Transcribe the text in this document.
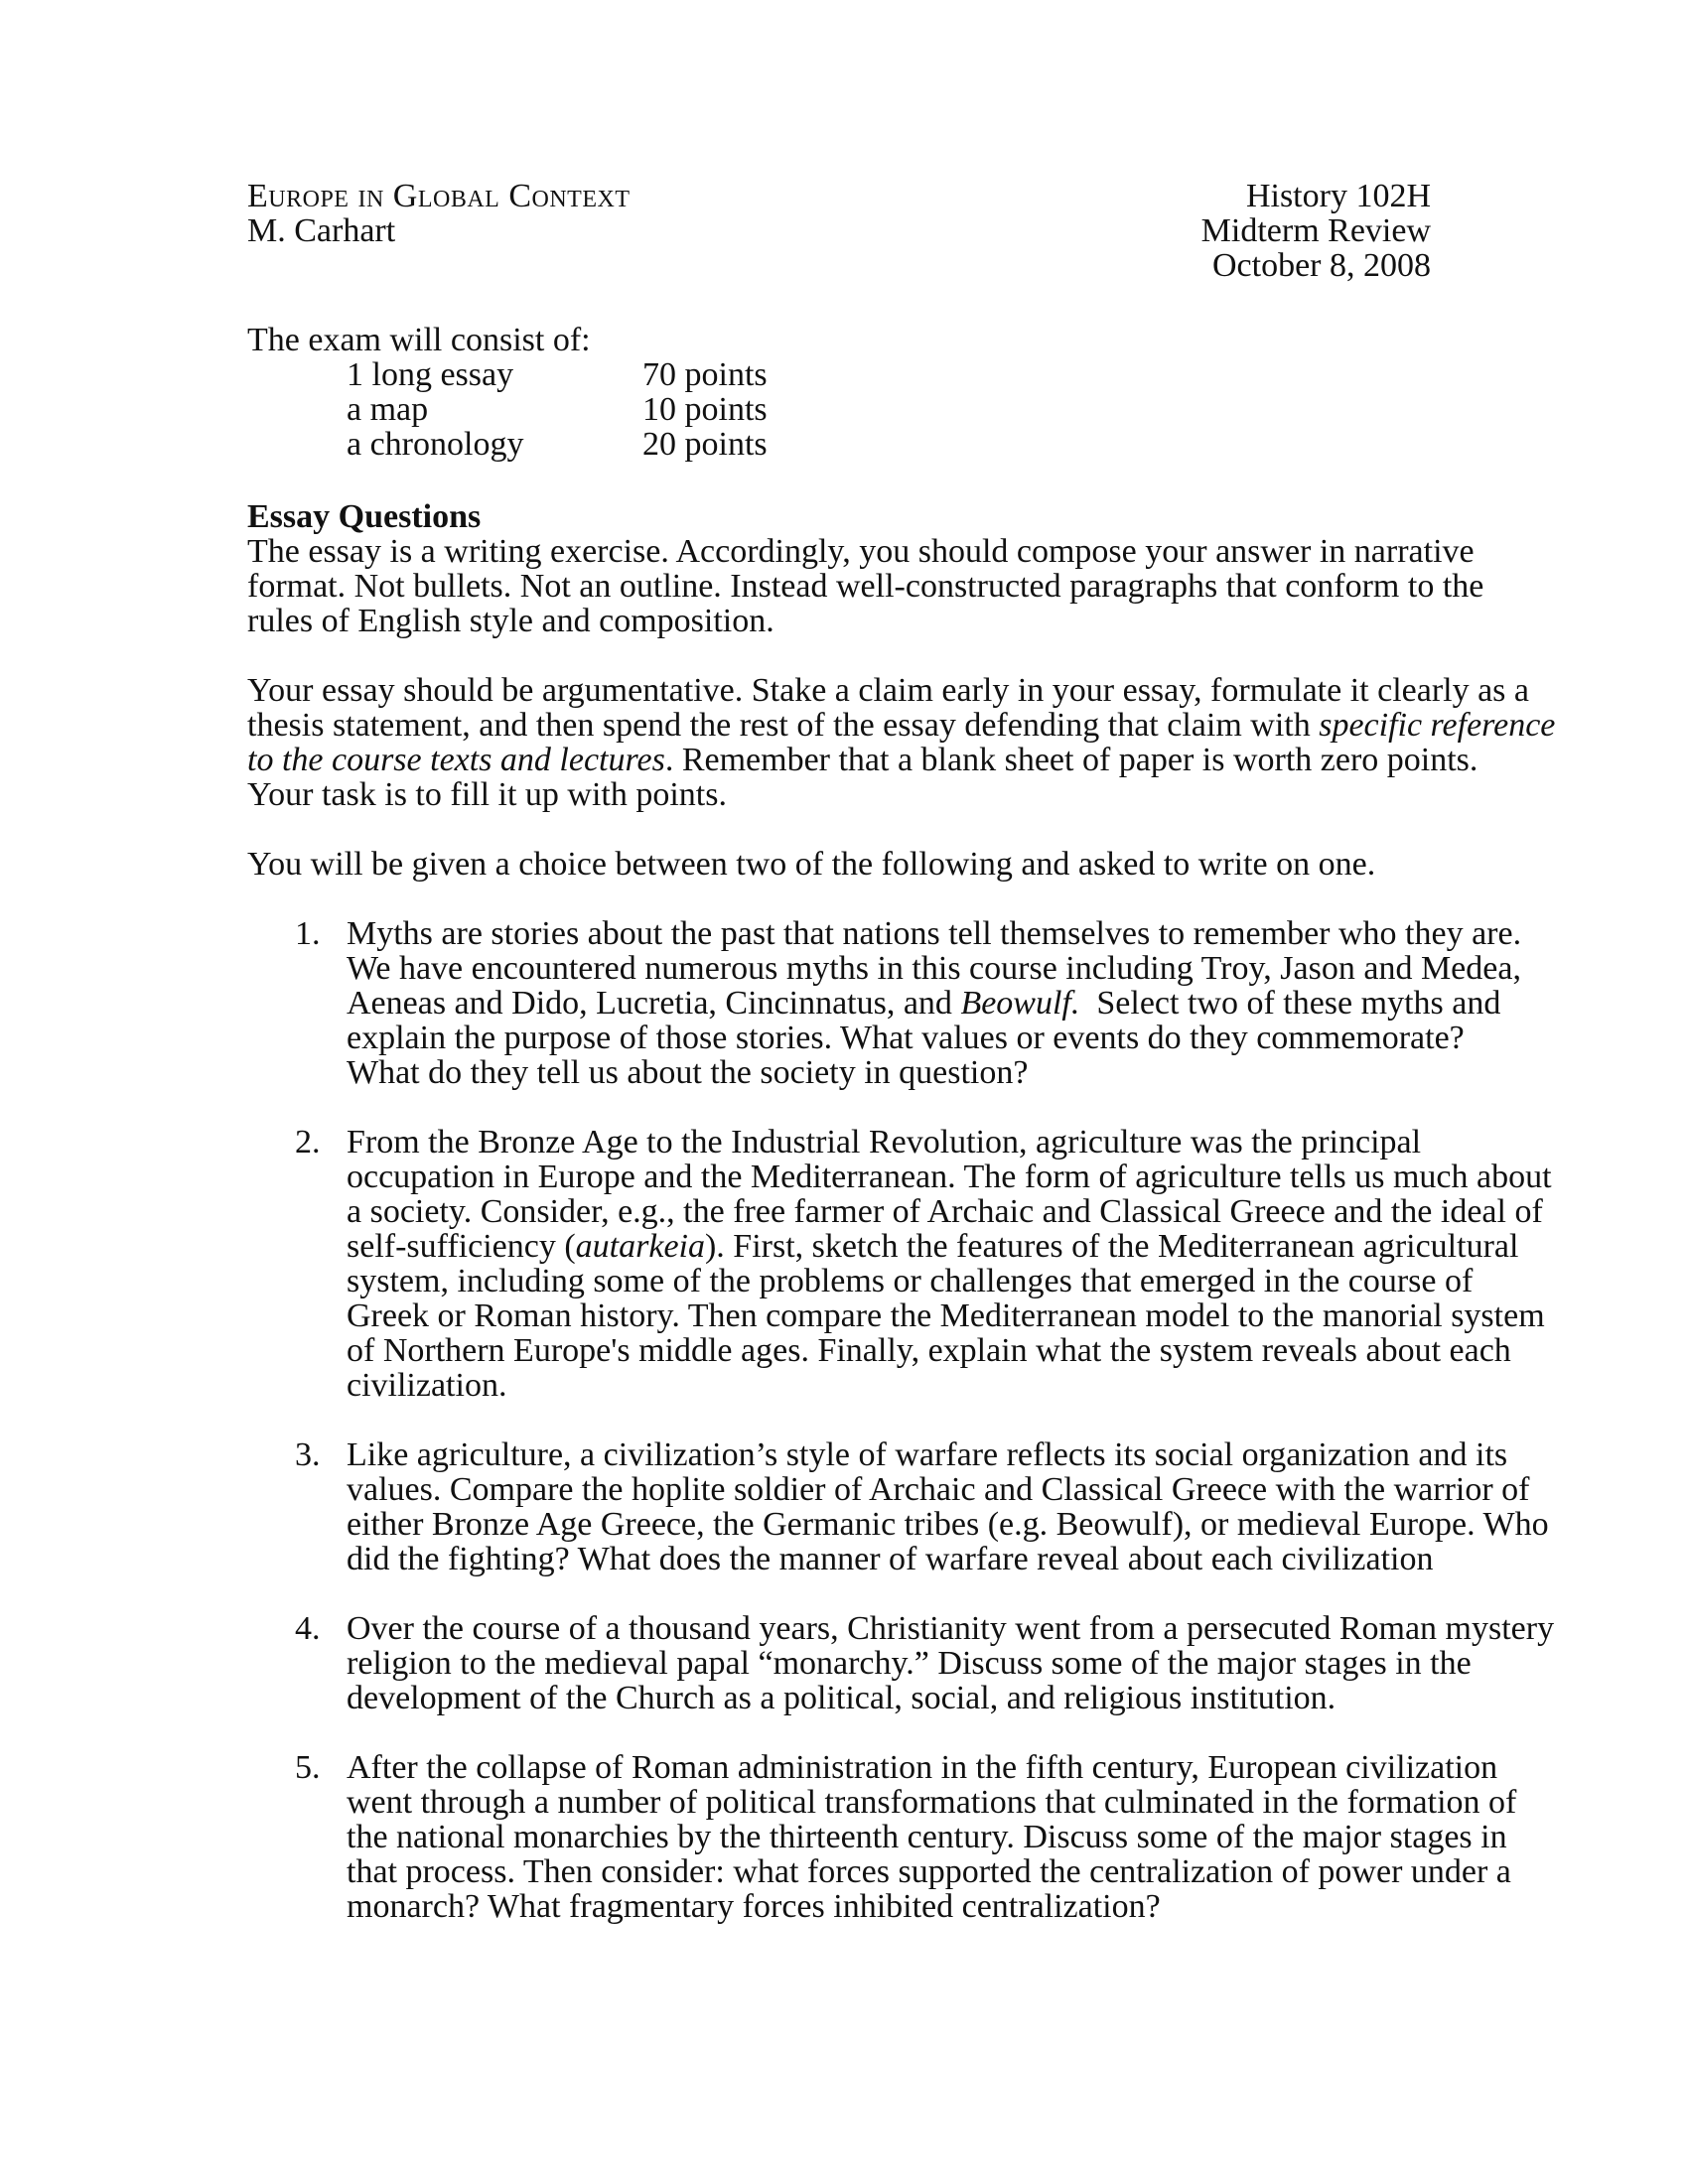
Europe in Global Context
M. Carhart
History 102H
Midterm Review
October 8, 2008
The exam will consist of:
1 long essay	70 points
a map	10 points
a chronology	20 points
Essay Questions
The essay is a writing exercise. Accordingly, you should compose your answer in narrative
format. Not bullets. Not an outline. Instead well-constructed paragraphs that conform to the
rules of English style and composition.
Your essay should be argumentative. Stake a claim early in your essay, formulate it clearly as a
thesis statement, and then spend the rest of the essay defending that claim with specific reference
to the course texts and lectures. Remember that a blank sheet of paper is worth zero points.
Your task is to fill it up with points.
You will be given a choice between two of the following and asked to write on one.
1. Myths are stories about the past that nations tell themselves to remember who they are.
We have encountered numerous myths in this course including Troy, Jason and Medea,
Aeneas and Dido, Lucretia, Cincinnatus, and Beowulf.  Select two of these myths and
explain the purpose of those stories. What values or events do they commemorate?
What do they tell us about the society in question?
2. From the Bronze Age to the Industrial Revolution, agriculture was the principal
occupation in Europe and the Mediterranean. The form of agriculture tells us much about
a society. Consider, e.g., the free farmer of Archaic and Classical Greece and the ideal of
self-sufficiency (autarkeia). First, sketch the features of the Mediterranean agricultural
system, including some of the problems or challenges that emerged in the course of
Greek or Roman history. Then compare the Mediterranean model to the manorial system
of Northern Europe's middle ages. Finally, explain what the system reveals about each
civilization.
3. Like agriculture, a civilization’s style of warfare reflects its social organization and its
values. Compare the hoplite soldier of Archaic and Classical Greece with the warrior of
either Bronze Age Greece, the Germanic tribes (e.g. Beowulf), or medieval Europe. Who
did the fighting? What does the manner of warfare reveal about each civilization
4. Over the course of a thousand years, Christianity went from a persecuted Roman mystery
religion to the medieval papal “monarchy.” Discuss some of the major stages in the
development of the Church as a political, social, and religious institution.
5. After the collapse of Roman administration in the fifth century, European civilization
went through a number of political transformations that culminated in the formation of
the national monarchies by the thirteenth century. Discuss some of the major stages in
that process. Then consider: what forces supported the centralization of power under a
monarch? What fragmentary forces inhibited centralization?
